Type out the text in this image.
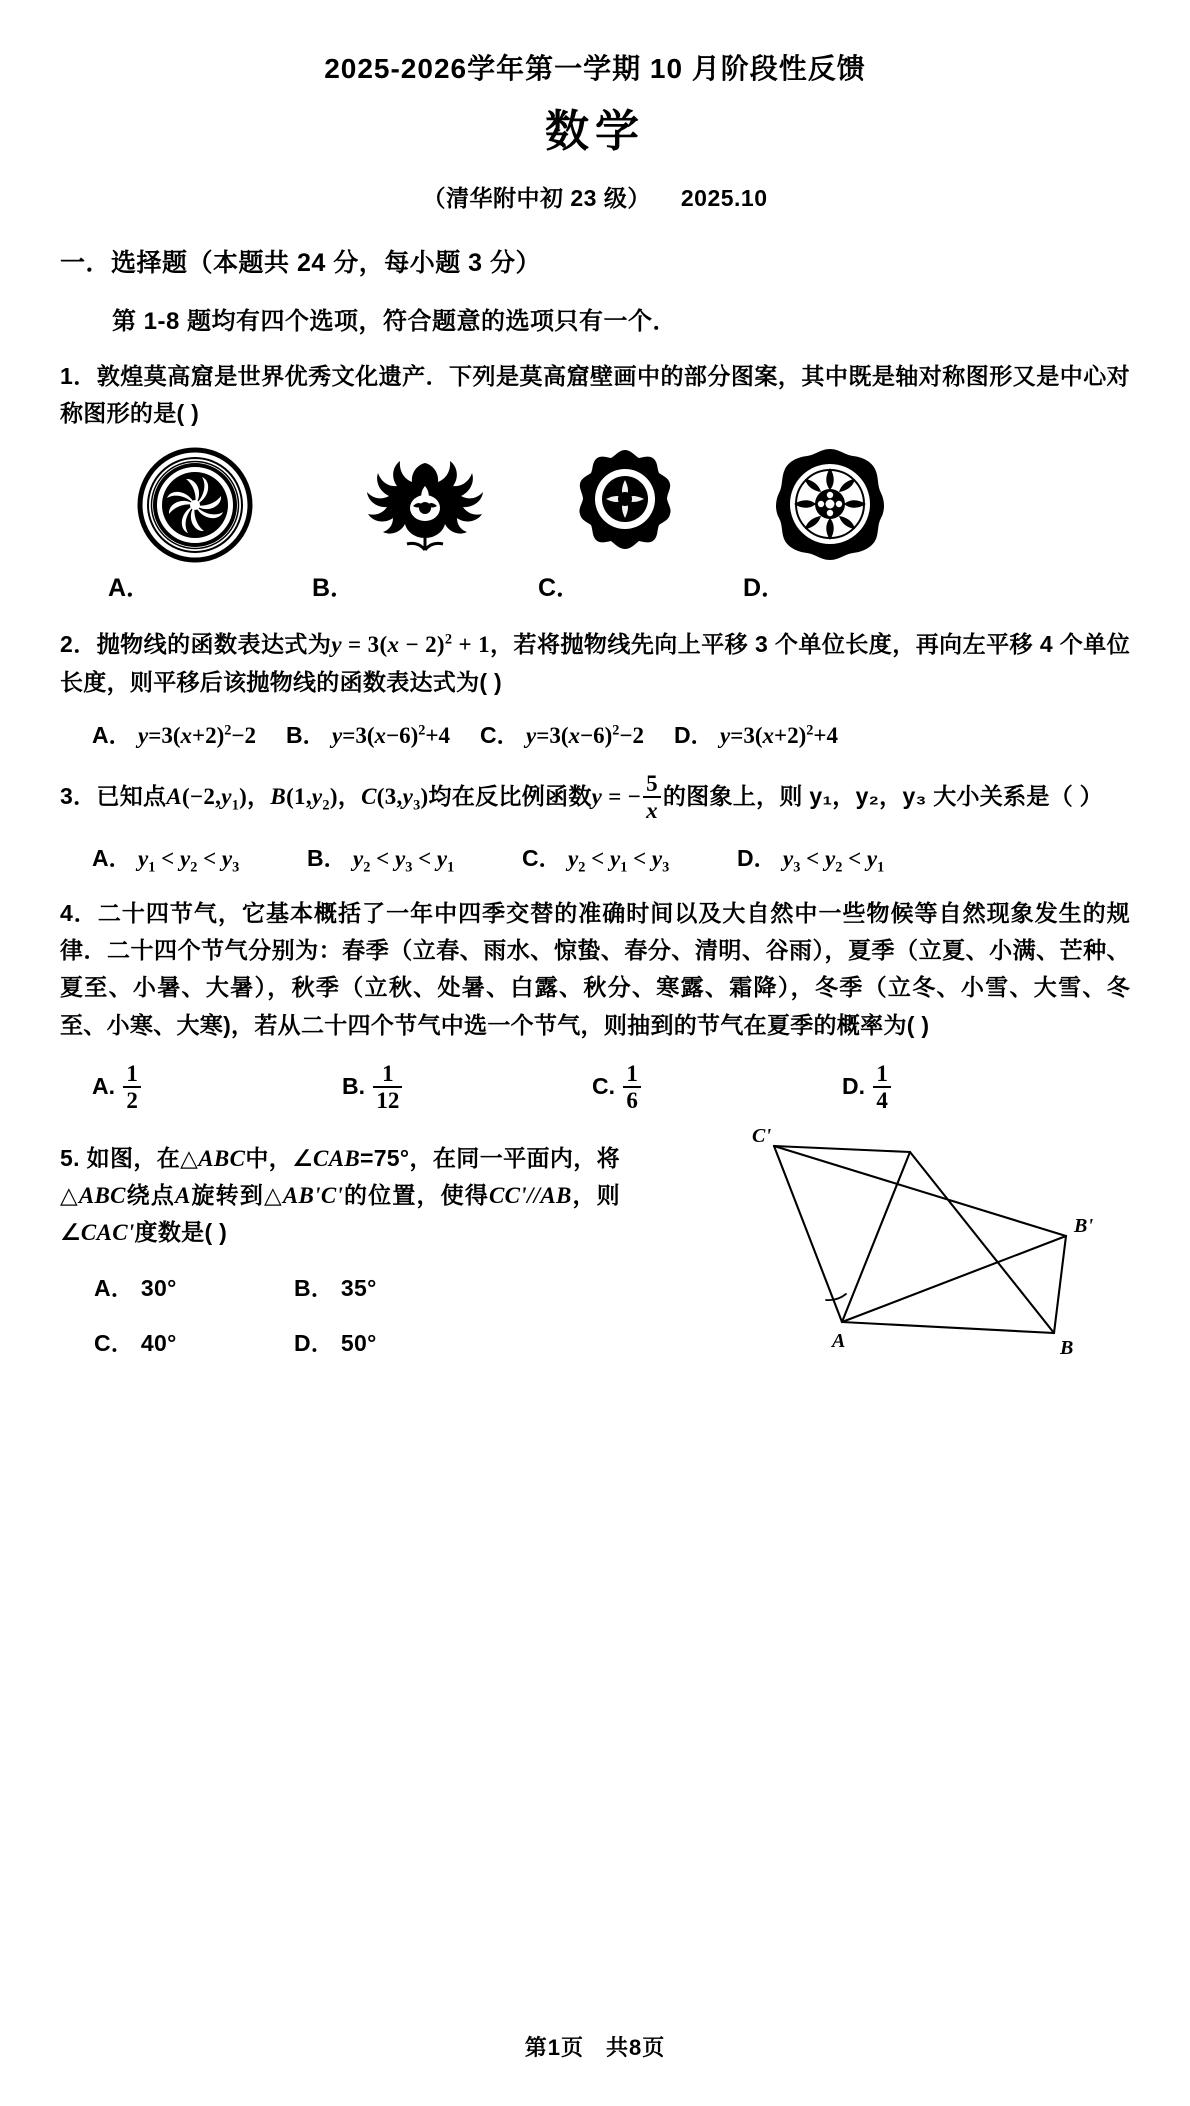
2025-2026学年第一学期 10 月阶段性反馈
数学
（清华附中初 23 级） 2025.10
一．选择题（本题共 24 分，每小题 3 分）
第 1-8 题均有四个选项，符合题意的选项只有一个．
1．敦煌莫高窟是世界优秀文化遗产．下列是莫高窟壁画中的部分图案，其中既是轴对称图形又是中心对称图形的是( )
A．	B．	C．	D．
2．抛物线的函数表达式为$y = 3(x - 2)^2 + 1$，若将抛物线先向上平移 3 个单位长度，再向左平移 4 个单位长度，则平移后该抛物线的函数表达式为( )
A． $y=3(x+2)^2-2$ B． $y=3(x-6)^2+4$ C． $y=3(x-6)^2-2$ D． $y=3(x+2)^2+4$
3．已知点$A(-2,y_1)$，$B(1,y_2)$，$C(3,y_3)$均在反比例函数y = − $\frac{5}{x}$ 的图象上，则 y₁，y₂，y₃ 大小关系是（ ）
A． $y_1 < y_2 < y_3$	B． $y_2 < y_3 < y_1$	C． $y_2 < y_1 < y_3$	D． $y_3 < y_2 < y_1$
4．二十四节气，它基本概括了一年中四季交替的准确时间以及大自然中一些物候等自然现象发生的规律．二十四个节气分别为：春季（立春、雨水、惊蛰、春分、清明、谷雨），夏季（立夏、小满、芒种、夏至、小暑、大暑），秋季（立秋、处暑、白露、秋分、寒露、霜降），冬季（立冬、小雪、大雪、冬至、小寒、大寒)，若从二十四个节气中选一个节气，则抽到的节气在夏季的概率为( )
A. $\frac{1}{2}$	B. $\frac{1}{12}$	C. $\frac{1}{6}$	D. $\frac{1}{4}$
5. 如图，在△ABC中，∠CAB=75°，在同一平面内，将△ABC绕点A旋转到△AB'C'的位置，使得CC'//AB，则∠CAC'度数是( )
C'
B'
A	B
A． 30°	B． 35°
C． 40°	D． 50°
第1页 共8页
